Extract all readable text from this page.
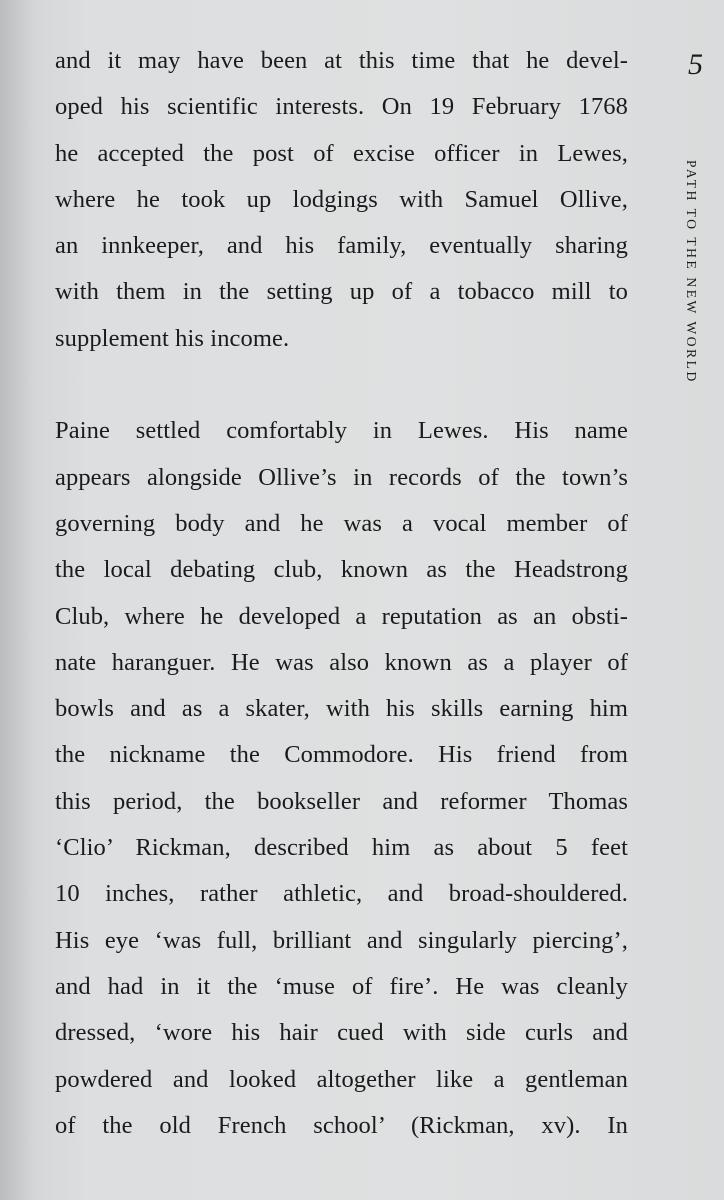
and it may have been at this time that he devel-
oped his scientific interests. On 19 February 1768
he accepted the post of excise officer in Lewes,
where he took up lodgings with Samuel Ollive,
an innkeeper, and his family, eventually sharing
with them in the setting up of a tobacco mill to
supplement his income.
Paine settled comfortably in Lewes. His name
appears alongside Ollive’s in records of the town’s
governing body and he was a vocal member of
the local debating club, known as the Headstrong
Club, where he developed a reputation as an obsti-
nate haranguer. He was also known as a player of
bowls and as a skater, with his skills earning him
the nickname the Commodore. His friend from
this period, the bookseller and reformer Thomas
‘Clio’ Rickman, described him as about 5 feet
10 inches, rather athletic, and broad-shouldered.
His eye ‘was full, brilliant and singularly piercing’,
and had in it the ‘muse of fire’. He was cleanly
dressed, ‘wore his hair cued with side curls and
powdered and looked altogether like a gentleman
of the old French school’ (Rickman, xv). In
5
PATH TO THE NEW WORLD
